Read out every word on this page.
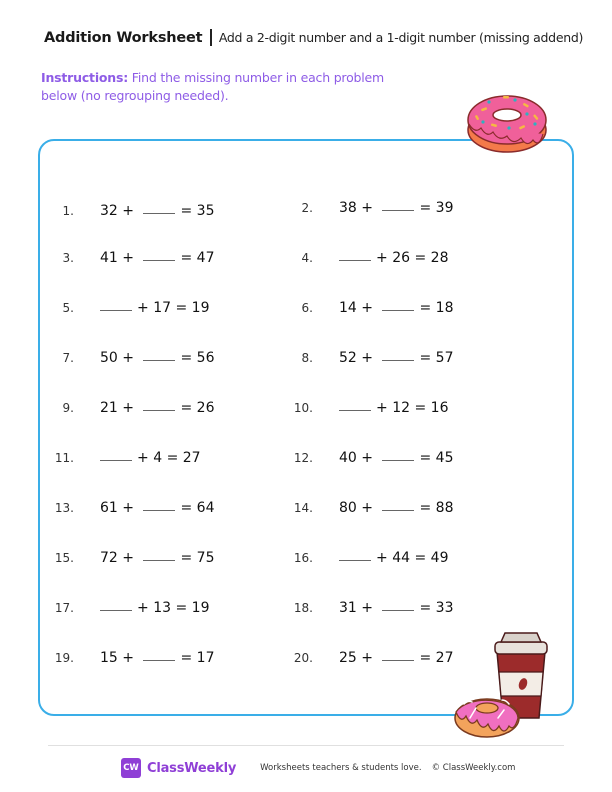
Addition Worksheet Add a 2-digit number and a 1-digit number (missing addend)
Instructions: Find the missing number in each problem below (no regrouping needed).
1. 32
+
	=
35	2. 38
+
	=
39
3. 41
+
	=
47	4.	+
26
=
28
5.	+
17
=
19	6. 14
+
	=
18
7. 50
+
	=
56	8. 52
+
	=
57
9. 21
+
	=
26	10.	+
12
=
16
11.	+
4
=
27	12. 40
+
	=
45
13. 61
+
	=
64	14. 80
+
	=
88
15. 72
+
	=
75	16.	+
44
=
49
17.	+
13
=
19	18. 31
+
	=
33
19. 15
+
	=
17	20. 25
+
	=
27
CW ClassWeekly	Worksheets teachers & students love. © ClassWeekly.com
